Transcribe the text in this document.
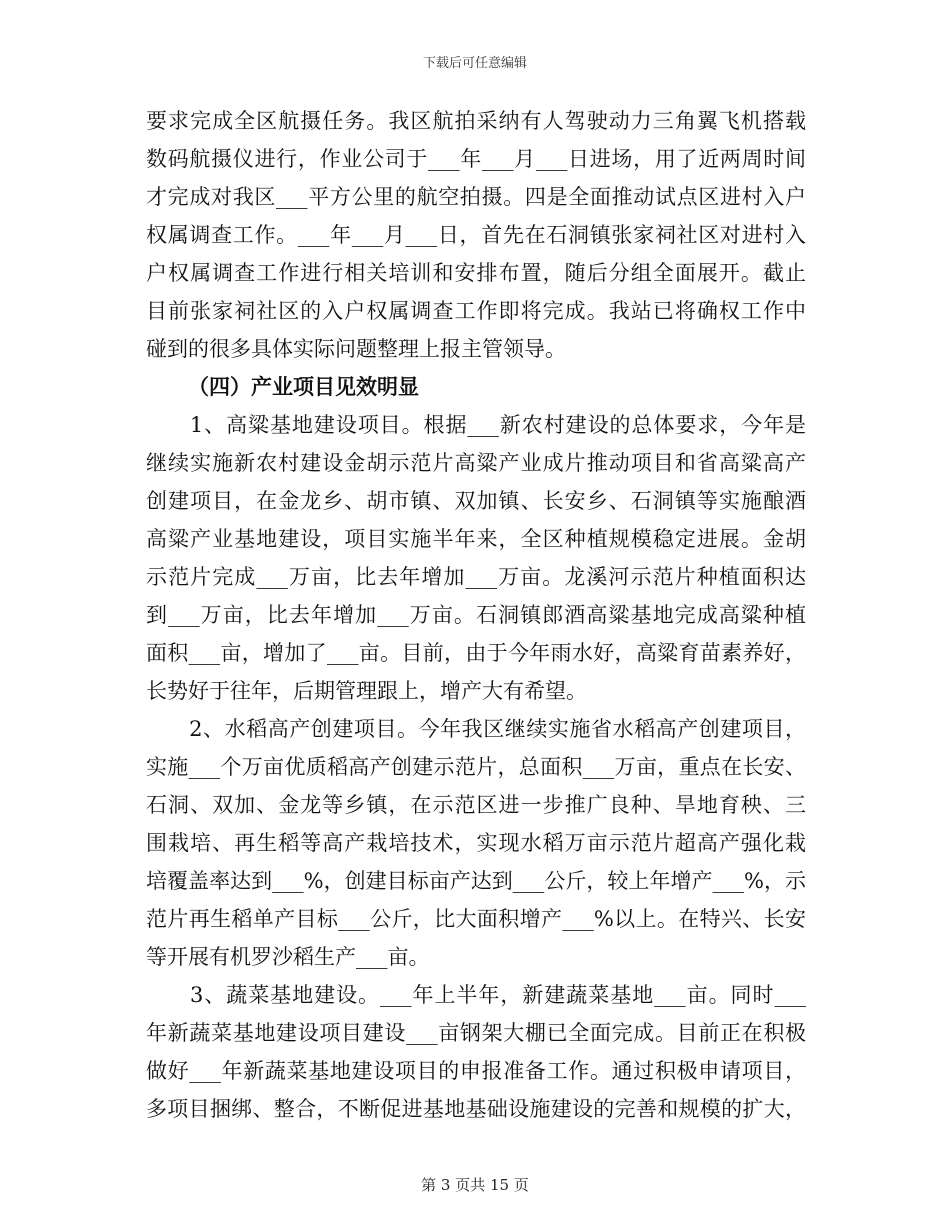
下载后可任意编辑
要求完成全区航摄任务。我区航拍采纳有人驾驶动力三角翼飞机搭载
数码航摄仪进行，作业公司于___年___月___日进场，用了近两周时间
才完成对我区___平方公里的航空拍摄。四是全面推动试点区进村入户
权属调查工作。___年___月___日，首先在石洞镇张家祠社区对进村入
户权属调查工作进行相关培训和安排布置，随后分组全面展开。截止
目前张家祠社区的入户权属调查工作即将完成。我站已将确权工作中
碰到的很多具体实际问题整理上报主管领导。
（四）产业项目见效明显
　　1、高粱基地建设项目。根据___新农村建设的总体要求，今年是
继续实施新农村建设金胡示范片高粱产业成片推动项目和省高粱高产
创建项目，在金龙乡、胡市镇、双加镇、长安乡、石洞镇等实施酿酒
高粱产业基地建设，项目实施半年来，全区种植规模稳定进展。金胡
示范片完成___万亩，比去年增加___万亩。龙溪河示范片种植面积达
到___万亩，比去年增加___万亩。石洞镇郎酒高粱基地完成高粱种植
面积___亩，增加了___亩。目前，由于今年雨水好，高粱育苗素养好，
长势好于往年，后期管理跟上，增产大有希望。
　　2、水稻高产创建项目。今年我区继续实施省水稻高产创建项目，
实施___个万亩优质稻高产创建示范片，总面积___万亩，重点在长安、
石洞、双加、金龙等乡镇，在示范区进一步推广良种、旱地育秧、三
围栽培、再生稻等高产栽培技术，实现水稻万亩示范片超高产强化栽
培覆盖率达到___%，创建目标亩产达到___公斤，较上年增产___%，示
范片再生稻单产目标___公斤，比大面积增产___%以上。在特兴、长安
等开展有机罗沙稻生产___亩。
　　3、蔬菜基地建设。___年上半年，新建蔬菜基地___亩。同时___
年新蔬菜基地建设项目建设___亩钢架大棚已全面完成。目前正在积极
做好___年新蔬菜基地建设项目的申报准备工作。通过积极申请项目，
多项目捆绑、整合，不断促进基地基础设施建设的完善和规模的扩大，
第 3 页共 15 页
